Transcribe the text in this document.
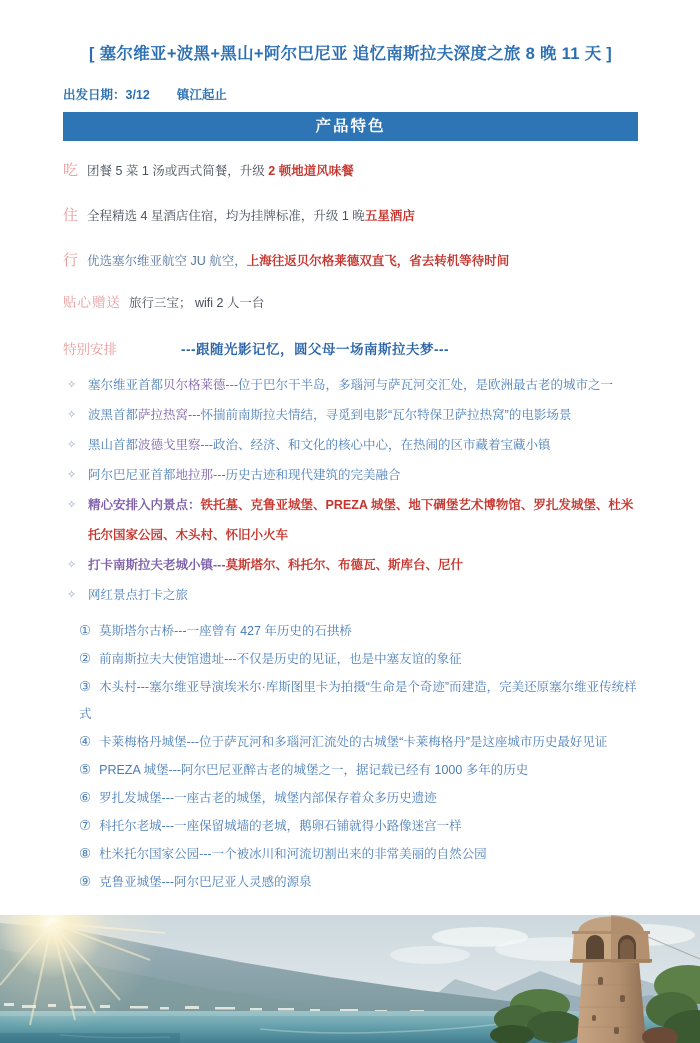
[ 塞尔维亚+波黑+黑山+阿尔巴尼亚 追忆南斯拉夫深度之旅 8 晚 11 天 ]
出发日期：3/12 镇江起止
产品特色
吃 团餐 5 菜 1 汤或西式简餐，升级 2 顿地道风味餐
住 全程精选 4 星酒店住宿，均为挂牌标准，升级 1 晚五星酒店
行 优选塞尔维亚航空 JU 航空，上海往返贝尔格莱德双直飞，省去转机等待时间
贴心赠送 旅行三宝； wifi 2 人一台
特别安排	---跟随光影记忆，圆父母一场南斯拉夫梦---
✧ 塞尔维亚首都贝尔格莱德---位于巴尔干半岛，多瑙河与萨瓦河交汇处，是欧洲最古老的城市之一
✧ 波黑首都萨拉热窝---怀揣前南斯拉夫情结，寻觅到电影“瓦尔特保卫萨拉热窝”的电影场景
✧ 黑山首都波德戈里察---政治、经济、和文化的核心中心，在热闹的区市藏着宝藏小镇
✧ 阿尔巴尼亚首都地拉那---历史古迹和现代建筑的完美融合
✧ 精心安排入内景点：铁托墓、克鲁亚城堡、PREZA 城堡、地下碉堡艺术博物馆、罗扎发城堡、杜米托尔国家公园、木头村、怀旧小火车
✧ 打卡南斯拉夫老城小镇---莫斯塔尔、科托尔、布德瓦、斯库台、尼什
✧ 网红景点打卡之旅
① 莫斯塔尔古桥---一座曾有 427 年历史的石拱桥
② 前南斯拉夫大使馆遗址---不仅是历史的见证，也是中塞友谊的象征
③ 木头村---塞尔维亚导演埃米尔·库斯图里卡为拍摄“生命是个奇迹”而建造，完美还原塞尔维亚传统样式
④ 卡莱梅格丹城堡---位于萨瓦河和多瑙河汇流处的古城堡“卡莱梅格丹”是这座城市历史最好见证
⑤ PREZA 城堡---阿尔巴尼亚醉古老的城堡之一，据记载已经有 1000 多年的历史
⑥ 罗扎发城堡---一座古老的城堡，城堡内部保存着众多历史遗迹
⑦ 科托尔老城---一座保留城墙的老城，鹅卵石铺就得小路像迷宫一样
⑧ 杜米托尔国家公园---一个被冰川和河流切割出来的非常美丽的自然公园
⑨ 克鲁亚城堡---阿尔巴尼亚人灵感的源泉
